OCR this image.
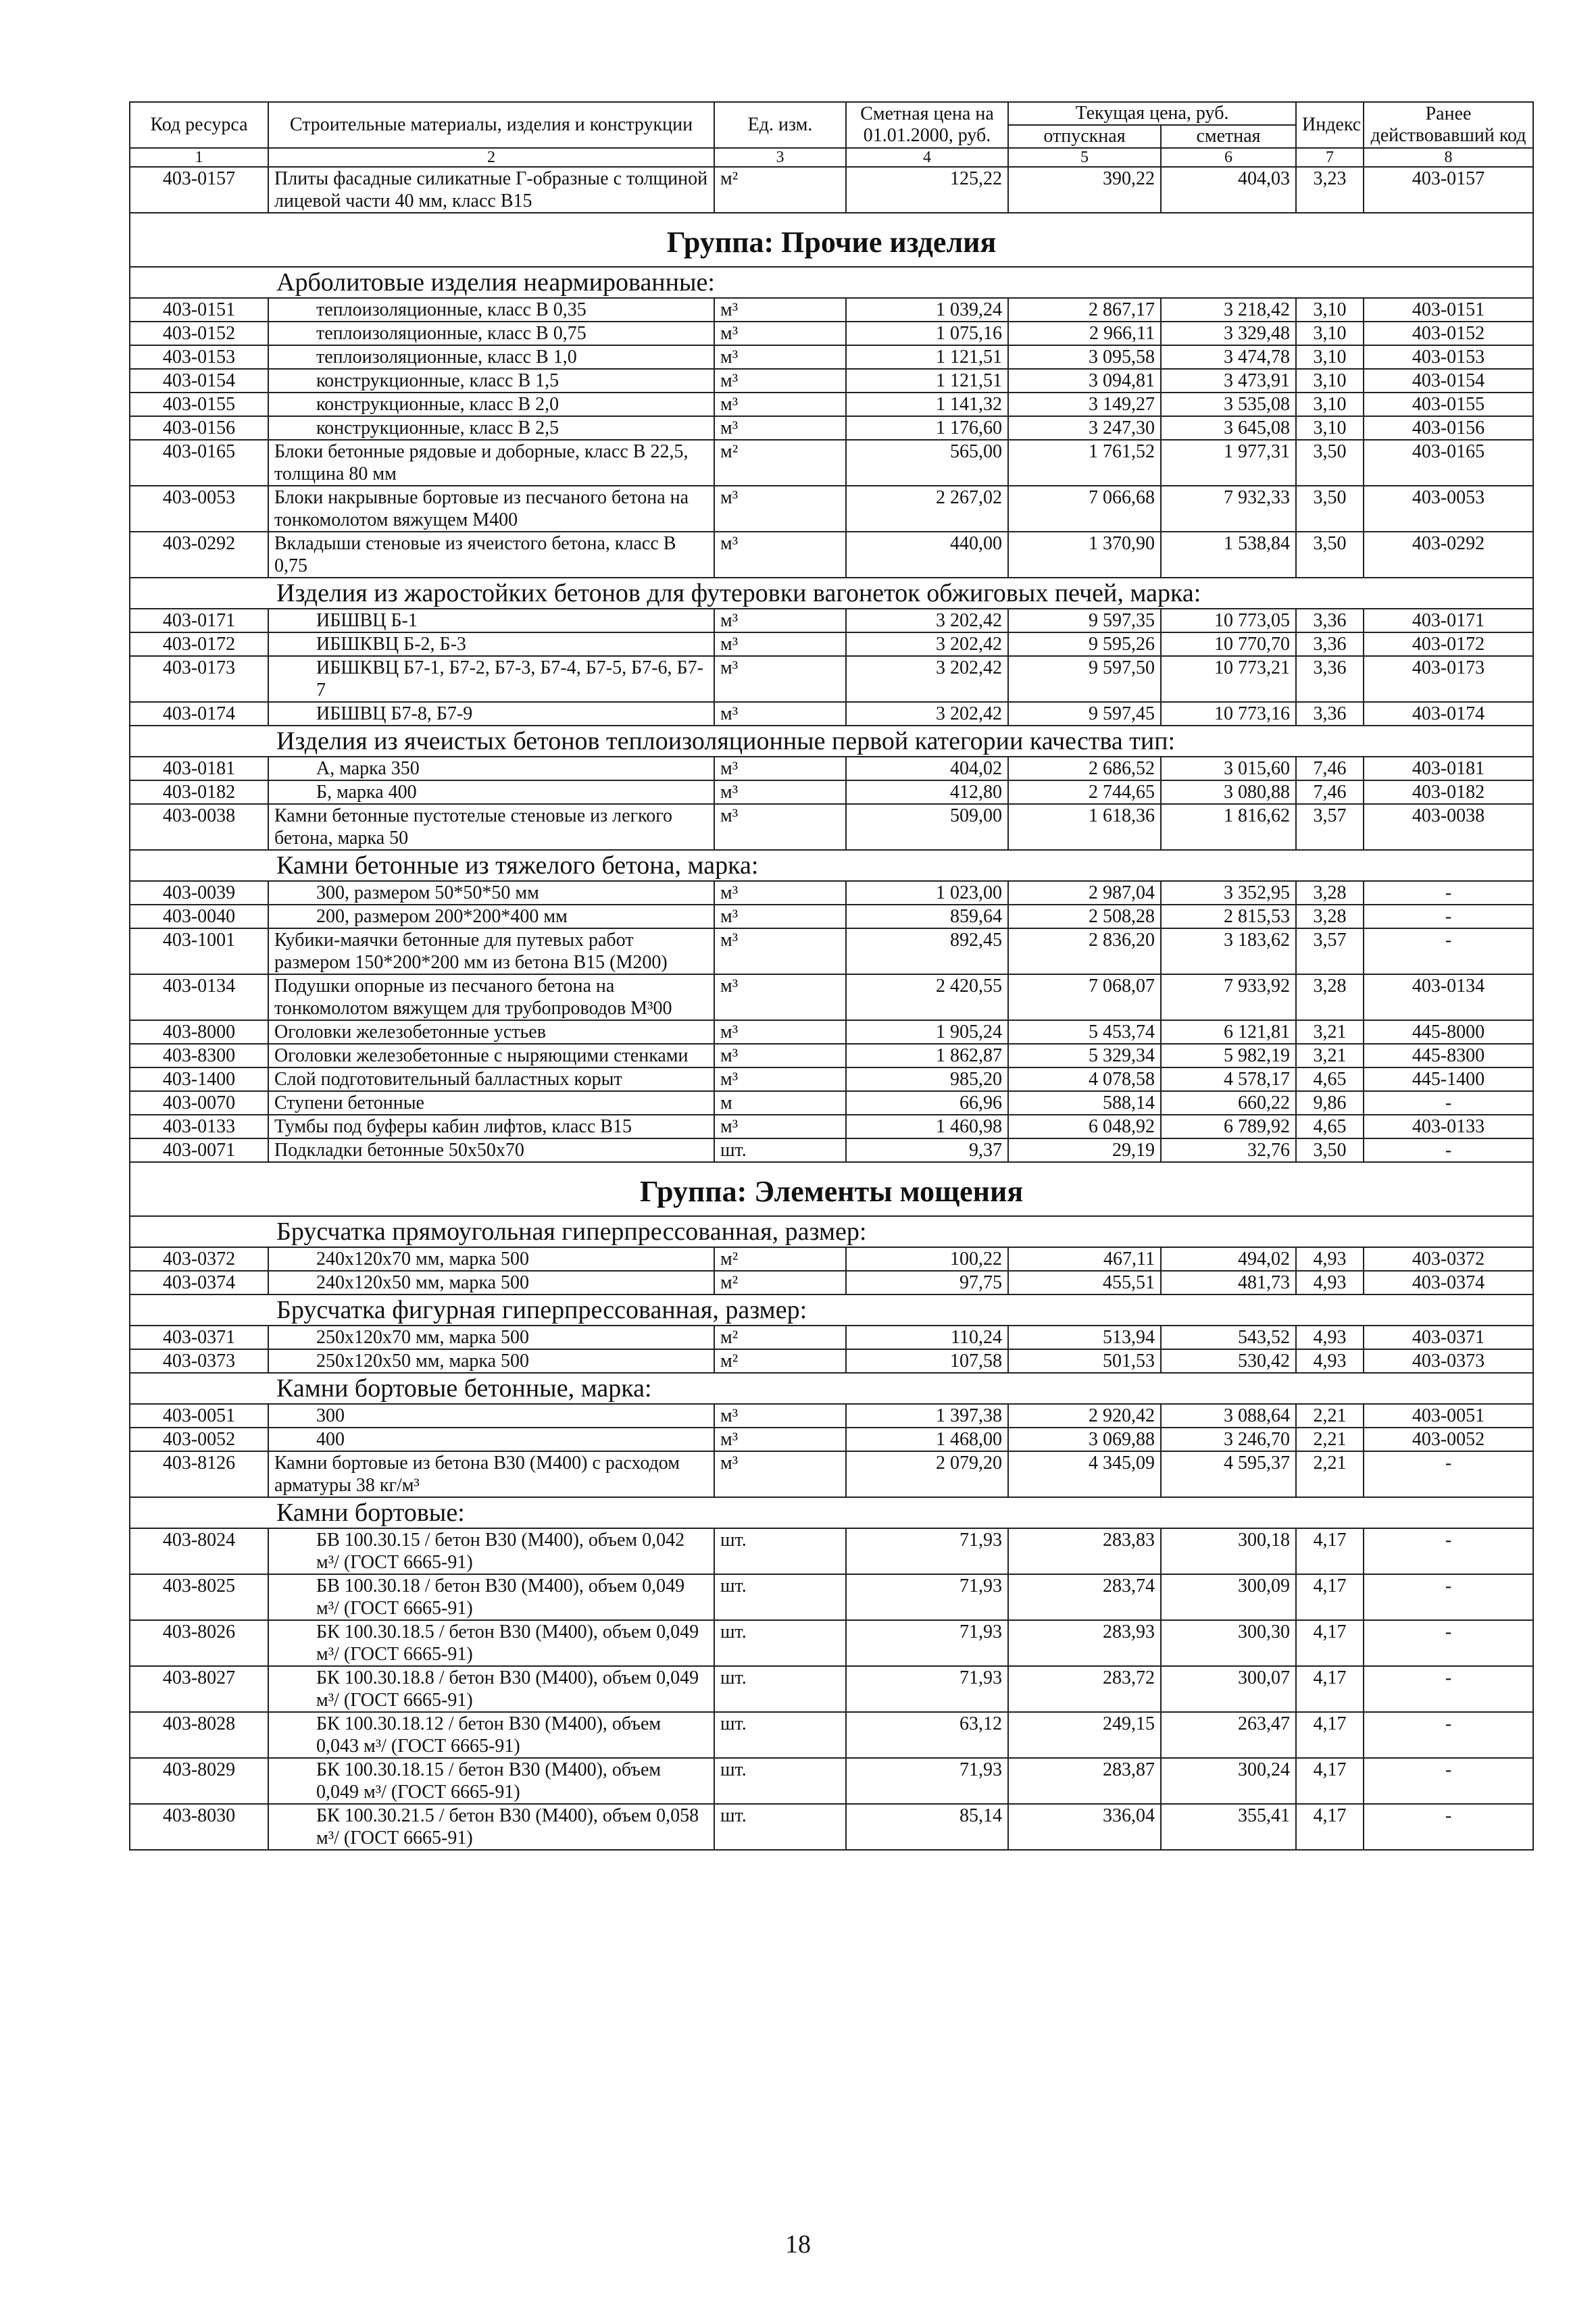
Код ресурса	Строительные материалы, изделия и конструкции	Ед. изм.	Сметная цена на 01.01.2000, руб.	Текущая цена, руб.		Индекс	Ранее действовавший код
				отпускная	сметная		
1	2	3	4	5	6	7	8
403-0157	Плиты фасадные силикатные Г-образные с толщиной лицевой части 40 мм, класс В15	м²	125,22	390,22	404,03	3,23	403-0157
Группа: Прочие изделия							
Арболитовые изделия неармированные:							
403-0151	теплоизоляционные, класс В 0,35	м³	1 039,24	2 867,17	3 218,42	3,10	403-0151
403-0152	теплоизоляционные, класс В 0,75	м³	1 075,16	2 966,11	3 329,48	3,10	403-0152
403-0153	теплоизоляционные, класс В 1,0	м³	1 121,51	3 095,58	3 474,78	3,10	403-0153
403-0154	конструкционные, класс В 1,5	м³	1 121,51	3 094,81	3 473,91	3,10	403-0154
403-0155	конструкционные, класс В 2,0	м³	1 141,32	3 149,27	3 535,08	3,10	403-0155
403-0156	конструкционные, класс В 2,5	м³	1 176,60	3 247,30	3 645,08	3,10	403-0156
403-0165	Блоки бетонные рядовые и доборные, класс В 22,5, толщина 80 мм	м²	565,00	1 761,52	1 977,31	3,50	403-0165
403-0053	Блоки накрывные бортовые из песчаного бетона на тонкомолотом вяжущем М400	м³	2 267,02	7 066,68	7 932,33	3,50	403-0053
403-0292	Вкладыши стеновые из ячеистого бетона, класс В 0,75	м³	440,00	1 370,90	1 538,84	3,50	403-0292
Изделия из жаростойких бетонов для футеровки вагонеток обжиговых печей, марка:							
403-0171	ИБШВЦ Б-1	м³	3 202,42	9 597,35	10 773,05	3,36	403-0171
403-0172	ИБШКВЦ Б-2, Б-3	м³	3 202,42	9 595,26	10 770,70	3,36	403-0172
403-0173	ИБШКВЦ Б7-1, Б7-2, Б7-3, Б7-4, Б7-5, Б7-6, Б7-7	м³	3 202,42	9 597,50	10 773,21	3,36	403-0173
403-0174	ИБШВЦ Б7-8, Б7-9	м³	3 202,42	9 597,45	10 773,16	3,36	403-0174
Изделия из ячеистых бетонов теплоизоляционные первой категории качества тип:							
403-0181	А, марка 350	м³	404,02	2 686,52	3 015,60	7,46	403-0181
403-0182	Б, марка 400	м³	412,80	2 744,65	3 080,88	7,46	403-0182
403-0038	Камни бетонные пустотелые стеновые из легкого бетона, марка 50	м³	509,00	1 618,36	1 816,62	3,57	403-0038
Камни бетонные из тяжелого бетона, марка:							
403-0039	300, размером 50*50*50 мм	м³	1 023,00	2 987,04	3 352,95	3,28	-
403-0040	200, размером 200*200*400 мм	м³	859,64	2 508,28	2 815,53	3,28	-
403-1001	Кубики-маячки бетонные для путевых работ размером 150*200*200 мм из бетона В15 (М200)	м³	892,45	2 836,20	3 183,62	3,57	-
403-0134	Подушки опорные из песчаного бетона на тонкомолотом вяжущем для трубопроводов М³00	м³	2 420,55	7 068,07	7 933,92	3,28	403-0134
403-8000	Оголовки железобетонные устьев	м³	1 905,24	5 453,74	6 121,81	3,21	445-8000
403-8300	Оголовки железобетонные с ныряющими стенками	м³	1 862,87	5 329,34	5 982,19	3,21	445-8300
403-1400	Слой подготовительный балластных корыт	м³	985,20	4 078,58	4 578,17	4,65	445-1400
403-0070	Ступени бетонные	м	66,96	588,14	660,22	9,86	-
403-0133	Тумбы под буферы кабин лифтов, класс В15	м³	1 460,98	6 048,92	6 789,92	4,65	403-0133
403-0071	Подкладки бетонные 50х50х70	шт.	9,37	29,19	32,76	3,50	-
Группа: Элементы мощения							
Брусчатка прямоугольная гиперпрессованная, размер:							
403-0372	240х120х70 мм, марка 500	м²	100,22	467,11	494,02	4,93	403-0372
403-0374	240х120х50 мм, марка 500	м²	97,75	455,51	481,73	4,93	403-0374
Брусчатка фигурная гиперпрессованная, размер:							
403-0371	250х120х70 мм, марка 500	м²	110,24	513,94	543,52	4,93	403-0371
403-0373	250х120х50 мм, марка 500	м²	107,58	501,53	530,42	4,93	403-0373
Камни бортовые бетонные, марка:							
403-0051	300	м³	1 397,38	2 920,42	3 088,64	2,21	403-0051
403-0052	400	м³	1 468,00	3 069,88	3 246,70	2,21	403-0052
403-8126	Камни бортовые из бетона В30 (М400) с расходом арматуры 38 кг/м³	м³	2 079,20	4 345,09	4 595,37	2,21	-
Камни бортовые:							
403-8024	БВ 100.30.15 / бетон В30 (М400), объем 0,042 м³/ (ГОСТ 6665-91)	шт.	71,93	283,83	300,18	4,17	-
403-8025	БВ 100.30.18 / бетон В30 (М400), объем 0,049 м³/ (ГОСТ 6665-91)	шт.	71,93	283,74	300,09	4,17	-
403-8026	БК 100.30.18.5 / бетон В30 (М400), объем 0,049 м³/ (ГОСТ 6665-91)	шт.	71,93	283,93	300,30	4,17	-
403-8027	БК 100.30.18.8 / бетон В30 (М400), объем 0,049 м³/ (ГОСТ 6665-91)	шт.	71,93	283,72	300,07	4,17	-
403-8028	БК 100.30.18.12 / бетон В30 (М400), объем 0,043 м³/ (ГОСТ 6665-91)	шт.	63,12	249,15	263,47	4,17	-
403-8029	БК 100.30.18.15 / бетон В30 (М400), объем 0,049 м³/ (ГОСТ 6665-91)	шт.	71,93	283,87	300,24	4,17	-
403-8030	БК 100.30.21.5 / бетон В30 (М400), объем 0,058 м³/ (ГОСТ 6665-91)	шт.	85,14	336,04	355,41	4,17	-
18
